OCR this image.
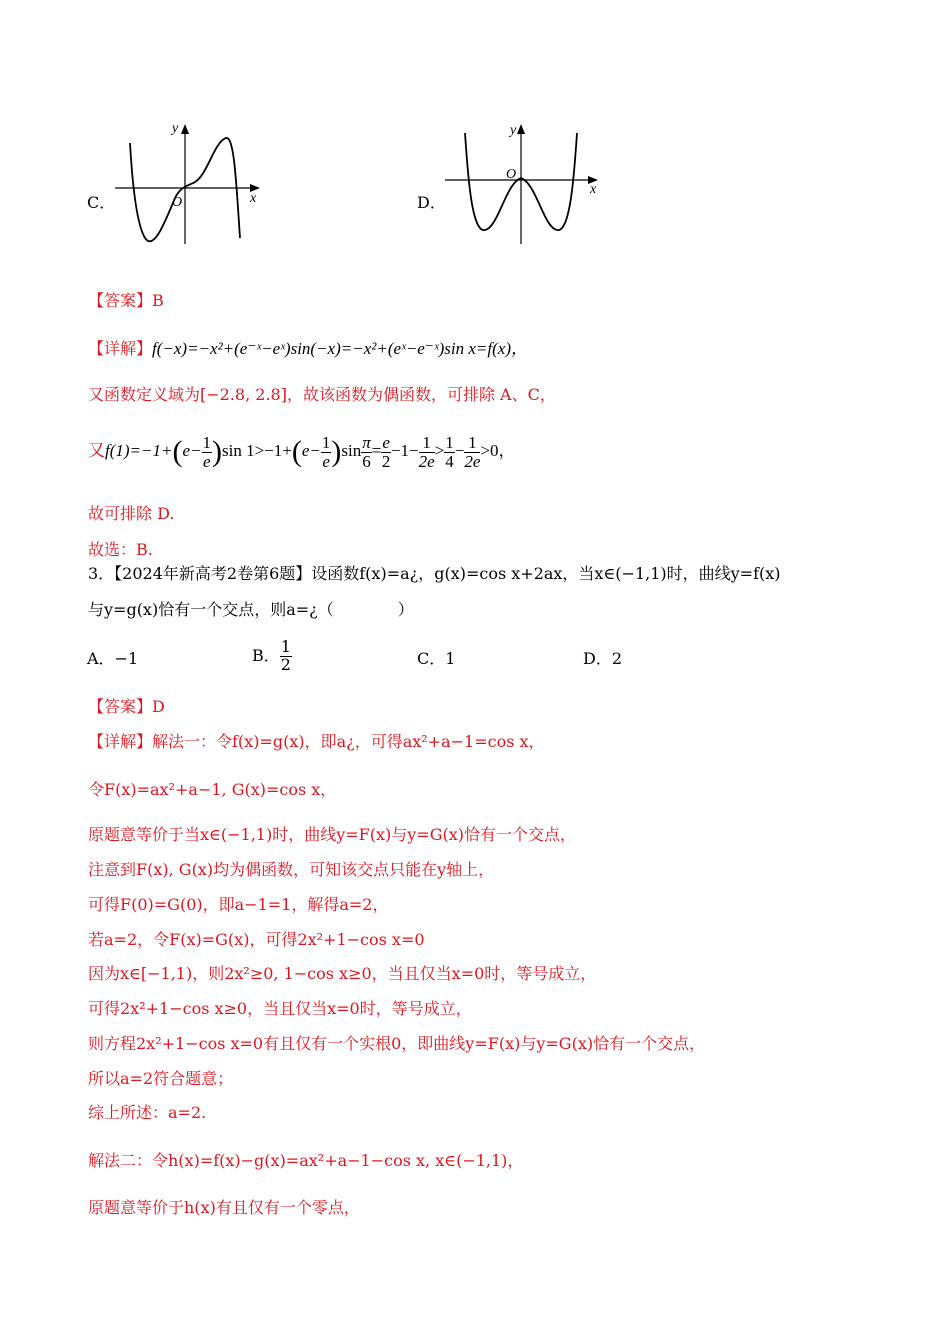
C．
y
x
O	D．
y
x
O
【答案】B
【详解】f(−x)=−x²+(e⁻ˣ−eˣ)sin(−x)=−x²+(eˣ−e⁻ˣ)sin x=f(x)，
又函数定义域为[−2.8, 2.8]，故该函数为偶函数，可排除 A、C，
又$f(1)=-1+(e- \frac{1}{e} )\sin$ $1>-1+(e- \frac{1}{e} )\sin \frac{\pi}{6} = \frac{e}{2} -1- \frac{1}{2e} > \frac{1}{4} - \frac{1}{2e} >0$，
故可排除 D.
故选：B.
3．【2024年新高考2卷第6题】设函数f(x)=a¿，g(x)=cos x+2ax，当x∈(−1,1)时，曲线y=f(x)
与y=g(x)恰有一个交点，则a=¿（　　　　）
A．−1	B． $\frac{1}{2}$	C．1	D．2
【答案】D
【详解】解法一：令f(x)=g(x)，即a¿，可得ax²+a−1=cos x，
令F(x)=ax²+a−1, G(x)=cos x，
原题意等价于当x∈(−1,1)时，曲线y=F(x)与y=G(x)恰有一个交点，
注意到F(x), G(x)均为偶函数，可知该交点只能在y轴上，
可得F(0)=G(0)，即a−1=1，解得a=2，
若a=2，令F(x)=G(x)，可得2x²+1−cos x=0
因为x∈[−1,1)，则2x²≥0, 1−cos x≥0，当且仅当x=0时，等号成立，
可得2x²+1−cos x≥0，当且仅当x=0时，等号成立，
则方程2x²+1−cos x=0有且仅有一个实根0，即曲线y=F(x)与y=G(x)恰有一个交点，
所以a=2符合题意；
综上所述：a=2.
解法二：令h(x)=f(x)−g(x)=ax²+a−1−cos x, x∈(−1,1)，
原题意等价于h(x)有且仅有一个零点，
